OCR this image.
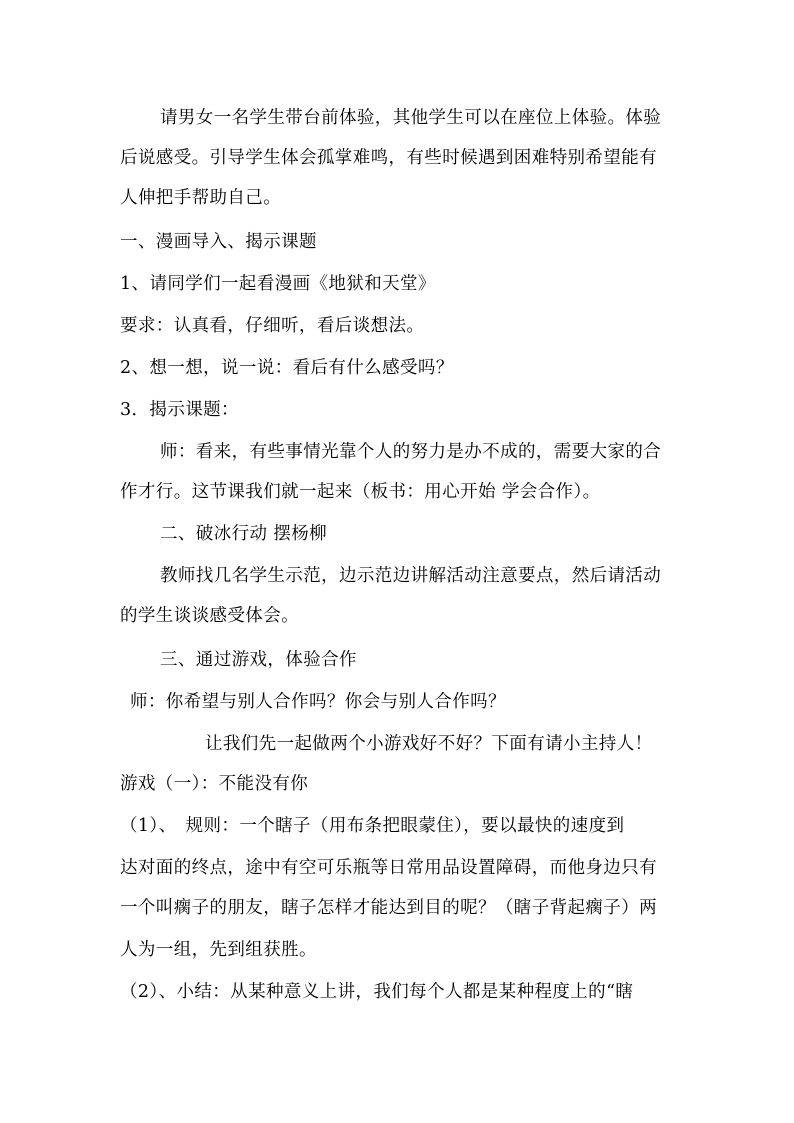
请男女一名学生带台前体验，其他学生可以在座位上体验。体验
后说感受。引导学生体会孤掌难鸣，有些时候遇到困难特别希望能有
人伸把手帮助自己。
一、漫画导入、揭示课题
1、请同学们一起看漫画《地狱和天堂》
要求：认真看，仔细听，看后谈想法。
2、想一想，说一说：看后有什么感受吗？
3．揭示课题：
师：看来，有些事情光靠个人的努力是办不成的，需要大家的合
作才行。这节课我们就一起来（板书：用心开始 学会合作）。
二、破冰行动 摆杨柳
教师找几名学生示范，边示范边讲解活动注意要点，然后请活动
的学生谈谈感受体会。
三、通过游戏，体验合作
师：你希望与别人合作吗？你会与别人合作吗？
让我们先一起做两个小游戏好不好？下面有请小主持人！
游戏（一）：不能没有你
（1）、　规则：一个瞎子（用布条把眼蒙住），要以最快的速度到
达对面的终点，途中有空可乐瓶等日常用品设置障碍，而他身边只有
一个叫瘸子的朋友，瞎子怎样才能达到目的呢？（瞎子背起瘸子）两
人为一组，先到组获胜。
（2）、小结：从某种意义上讲，我们每个人都是某种程度上的“瞎
